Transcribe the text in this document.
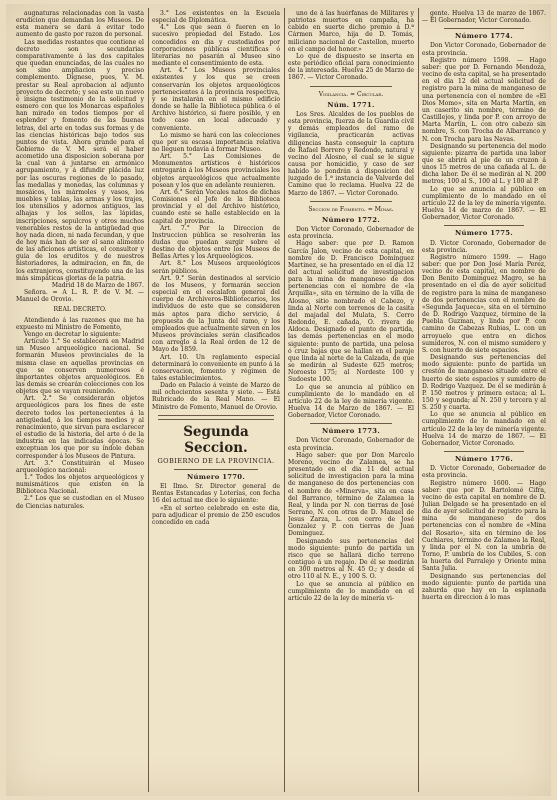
augnaturas relacionadas con la vasta erudicion que demandan los Museos. De esta manera se dará á evitar todo aumento de gasto por razon de personal.

Las medidas restantes que contiene el decreto son secundarias comparativamente á las dos capitales que quedan enunciadas, de las cuales no son sino ampliacion y preciso complemento. Dígnese, pues, V. M. prestar su Real aprobacion al adjunto proyecto de decreto; y sea este un nuevo é insigne testimonio de la solicitud y esmero con que los Monarcas españoles han mirado en todos tiempos por el esplendor y fomento de las buenas letras, del arte en todas sus formas y de las ciencias históricas bajo todos sus puntos de vista. Ahora grande para el Gobierno de V. M. será el haber acometido una disposicion soberana por la cual van á juntarse en armónico agrupamiento, y á difundir plácida luz por las oscuras regiones de lo pasado, las medallas y monedas, las columnas y mosáicos, los mármoles y vasos, los muebles y tablas, las armas y los trajes, los utensilios y adornos antiguos, las alhajas y los sellos, las lápidas, inscripciones, sepulcros y otros muchos venerables restos de la antigüedad que hoy nada dicen, ni nada fecundan, y que de hoy más han de ser el sano alimento de las aficiones artísticas, el consultor y guia de los eruditos y de nuestros historiadores, la admiracion, en fin, de los extranjeros, constituyendo una de las más simpáticas glorias de la patria.

Madrid 18 de Marzo de 1867.

Señora. = A L. R. P. de V. M. — Manuel de Orovio.

REAL DECRETO.

Atendiendo á las razones que me ha expuesto mi Ministro de Fomento,

Vengo en decretar lo siguiente:

Artículo 1.° Se establecerá en Madrid un Museo arqueológico nacional. Se formarán Museos provinciales de la misma clase en aquellas provincias en que se conserven numerosos é importantes objetos arqueológicos. En las demás se crearán colecciones con los objetos que se vayan reuniendo.

Art. 2.° Se considerarán objetos arqueológicos para los fines de este decreto todos los pertenecientes á la antigüedad, á los tiempos medios y al renacimiento, que sirvan para esclarecer el estudio de la historia, del arte ó de la industria en las indicadas épocas. Se exceptuan los que por su índole deban corresponder á los Museos de Pintura.

Art. 3.° Constituirán el Museo arqueológico nacional:

1.° Todos los objetos arqueológicos y numismáticos que existen en la Biblioteca Nacional.

2.° Los que se custodian en el Museo de Ciencias naturales.

3.° Los existentes en la Escuela especial de Diplomática.

4.° Los que sean ó fueren en lo sucesivo propiedad del Estado. Los concedidos en dia y custodiados por corporaciones públicas científicas ó literarias no pasarán al Museo sino mediante el consentimiento de esta.

Art. 4.° Los Museos provinciales existentes y los que se creen conservarán los objetos arqueológicos pertenecientes á la provincia respectiva, y se instalarán en el mismo edificio donde se halle la Biblioteca pública ó el Archivo histórico, si fuere posible, y en todo caso en local adecuado y conveniente.

Lo mismo se hará con las colecciones que por su escasa importancia relativa no lleguen todavía á formar Museo.

Art. 5.° Las Comisiones de Monumentos artísticos é históricos entregarán á los Museos provinciales los objetos arqueológicos que actualmente posean y los que en adelante reunieren.

Art. 6.° Serán Vocales natos de dichas Comisiones el Jefe de la Biblioteca provincial y el del Archivo histórico, cuando este se halle establecido en la capital de provincia.

Art. 7.° Por la Direccion de Instruccion pública se resolverán las dudas que puedan surgir sobre el destino de objetos entre los Museos de Bellas Artes y los Arqueológicos.

Art. 8.° Los Museos arqueológicos serán públicos.

Art. 9.° Serán destinados al servicio de los Museos, y formarán seccion especial en el escalafon general del cuerpo de Archiveros-Bibliotecarios, los individuos de este que se consideren más aptos para dicho servicio, á propuesta de la Junta del ramo, y los empleados que actualmente sirven en los Museos provinciales serán clasificados con arreglo á la Real órden de 12 de Mayo de 1859.

Art. 10. Un reglamento especial determinará lo conveniente en punto á la conservacion, fomento y régimen de tales establecimientos.

Dado en Palacio á veinte de Marzo de mil ochocientos sesenta y siete. — Está Rubricado de la Real Mano. — El Ministro de Fomento, Manuel de Orovio.

Segunda Seccion.

GOBIERNO DE LA PROVINCIA.

Número 1770.

El Ilmo. Sr. Director general de Rentas Estancadas y Loterías, con fecha 16 del actual me dice lo siguiente:

«En el sorteo celebrado en este dia, para adjudicar el premio de 250 escudos concedido en cada

uno de á las huérfanas de Militares y patriotas muertos en campaña, ha cabido en suerte dicho premio á D.ª Cármen Marco, hija de D. Tomás, miliciano nacional de Castellon, muerto en el campo del honor.»

Lo que de dispuesto se inserta en este periódico oficial para conocimiento de la interesada. Huelva 25 de Marzo de 1867. — Victor Coronado.

Vigilancia. = Circular.

Núm. 1771.

Los Sres. Alcaldes de los pueblos de esta provincia, fuerza de la Guardia civil y demás empleados del ramo de vigilancia, practicarán activas diligencias hasta conseguir la captura de Rafael Borrero y Redondo, natural y vecino del Alosno, el cual se le sigue causa por homicidio, y caso de ser habido lo pondrán á disposicion del juzgado de 1.ª instancia de Valverde del Camino que lo reclama. Huelva 22 de Marzo de 1867. — Victor Coronado.

Seccion de Fomento. = Minas.

Número 1772.

Don Victor Coronado, Gobernador de esta provincia.

Hago saber: que por D. Ramon García Jalon, vecino de esta capital, en nombre de D. Francisco Domínguez Martinez, se ha presentado en el dia 12 del actual solicitud de investigacion para la mina de manganeso de dos pertenencias con el nombre de «la Arquilla», sita en término de la villa de Alosno, sitio nombrado el Cabezo, y linda al Norte con terrenos de la casita del majadal del Mulata, S. Cerro Redondo, E. cañada, O. rivera de Aldoca. Designado el punto de partida, las demás pertenencias en el modo siguiente: punto de partida, una pelosa ó cruz bajas que se hallan en el paraje que linda al norte de la Calzada, de que se medirán al Sudeste 625 metros; Noroeste 175; al Nordeste 100 y Sudoeste 100.

Lo que se anuncia al público en cumplimiento de lo mandado en el artículo 22 de la ley de minería vigente. Huelva 14 de Marzo de 1867. — El Gobernador, Victor Coronado.

Número 1773.

Don Victor Coronado, Gobernador de esta provincia.

Hago saber: que por Don Marcelo Moreno, vecino de Zalamea, se ha presentado en el dia 11 del actual solicitud de investigacion para la mina de manganeso de dos pertenencias con el nombre de «Minerva», sita en casa del Barranco, término de Zalamea la Real, y linda por N. con tierras de José Serrano, N. con otras de D. Manuel de Jesus Zarza, L. con cerro de José Gonzalez y P. con tierras de Juan Dominguez.

Designando sus pertenencias del modo siguiente: punto de partida un risco que se hallará dicho terreno contiguo á un regajo. De él se medirán en 300 metros al N. 45 O.; y desde el otro 110 al N. E., y 100 S. O.

Lo que se anuncia al público en cumplimiento de lo mandado en el artículo 22 de la ley de minería vi-

gente. Huelva 13 de marzo de 1867. — El Gobernador, Victor Coronado.

Número 1774.

Don Victor Coronado, Gobernador de esta provincia.

Registro número 1598. — Hago saber: que por D. Fernando Mendoza, vecino de esta capital, se ha presentado en el dia 12 del actual solicitud de registro para la mina de manganeso de una pertenencia con el nombre de «El Dios Momo», sita en Marta Martín, en un caserito sin nombre, término de Castillejos, y linda por P. con arroyo de Marta Martín, L. con otro cabezo sin nombre, S. con Trocha de Albarranco y N. con Trocha para las Navas.

Designando su pertenencia del modo siguiente: pizarra de partida una labor que se abrirá al pie de un cruzon á unos 15 metros de una cañada al L. de dicha labor. De él se medirán al N. 200 metros; 100 al S., 100 al L. y 100 al P.

Lo que se anuncia al público en cumplimiento de lo mandado en el artículo 22 de la ley de minería vigente. Huelva 14 de marzo de 1867. — El Gobernador, Victor Coronado.

Número 1775.

D. Victor Coronado, Gobernador de esta provincia.

Registro número 1599. — Hago saber: que por Don José María Perez, vecino de esta capital, en nombre de Don Benito Dominguez Magro, se ha presentado en el dia de ayer solicitud de registro para la mina de manganeso de dos pertenencias con el nombre de «Segunda Jaqueca», sita en el término de D. Rodrigo Vazquez, término de la Puebla Guzman, y linda por P. con camino de Cabezas Rubias, L. con un arroyuelo que entra en dichos sumideros, N. con el mismo sumidero y S. con huerto de siete espacios.

Designando sus pertenencias del modo siguiente: punto de partida un crestón de manganeso situado entre el huerto de siete espacios y sumidero de D. Rodrigo Vazquez. De él se medirán á P. 150 metros y primera estaca; al L. 150 y segunda; al N. 250 y tercera y al S. 250 y cuarta.

Lo que se anuncia al público en cumplimiento de lo mandado en el artículo 22 de la ley de minería vigente. Huelva 14 de marzo de 1867. — El Gobernador, Victor Coronado.

Número 1776.

D. Victor Coronado, Gobernador de esta provincia.

Registro número 1600. — Hago saber: que por D. Bartolomé Cifra, vecino de esta capital en nombre de D. Julian Delgado se ha presentado en el dia de ayer solicitud de registro para la mina de manganeso de dos pertenencias con el nombre de «Mina del Rosario», sita en término de los Cuchiares, término de Zalamea la Real, y linda por el N. con la umbría de Torno, P. umbría de los Cubiles, S. con la huerta del Parralejo y Oriente mina Santa Julia.

Designando sus pertenencias del modo siguiente: punto de partida una zahurda que hay en la esplanada huerta en direccion á lo mas
